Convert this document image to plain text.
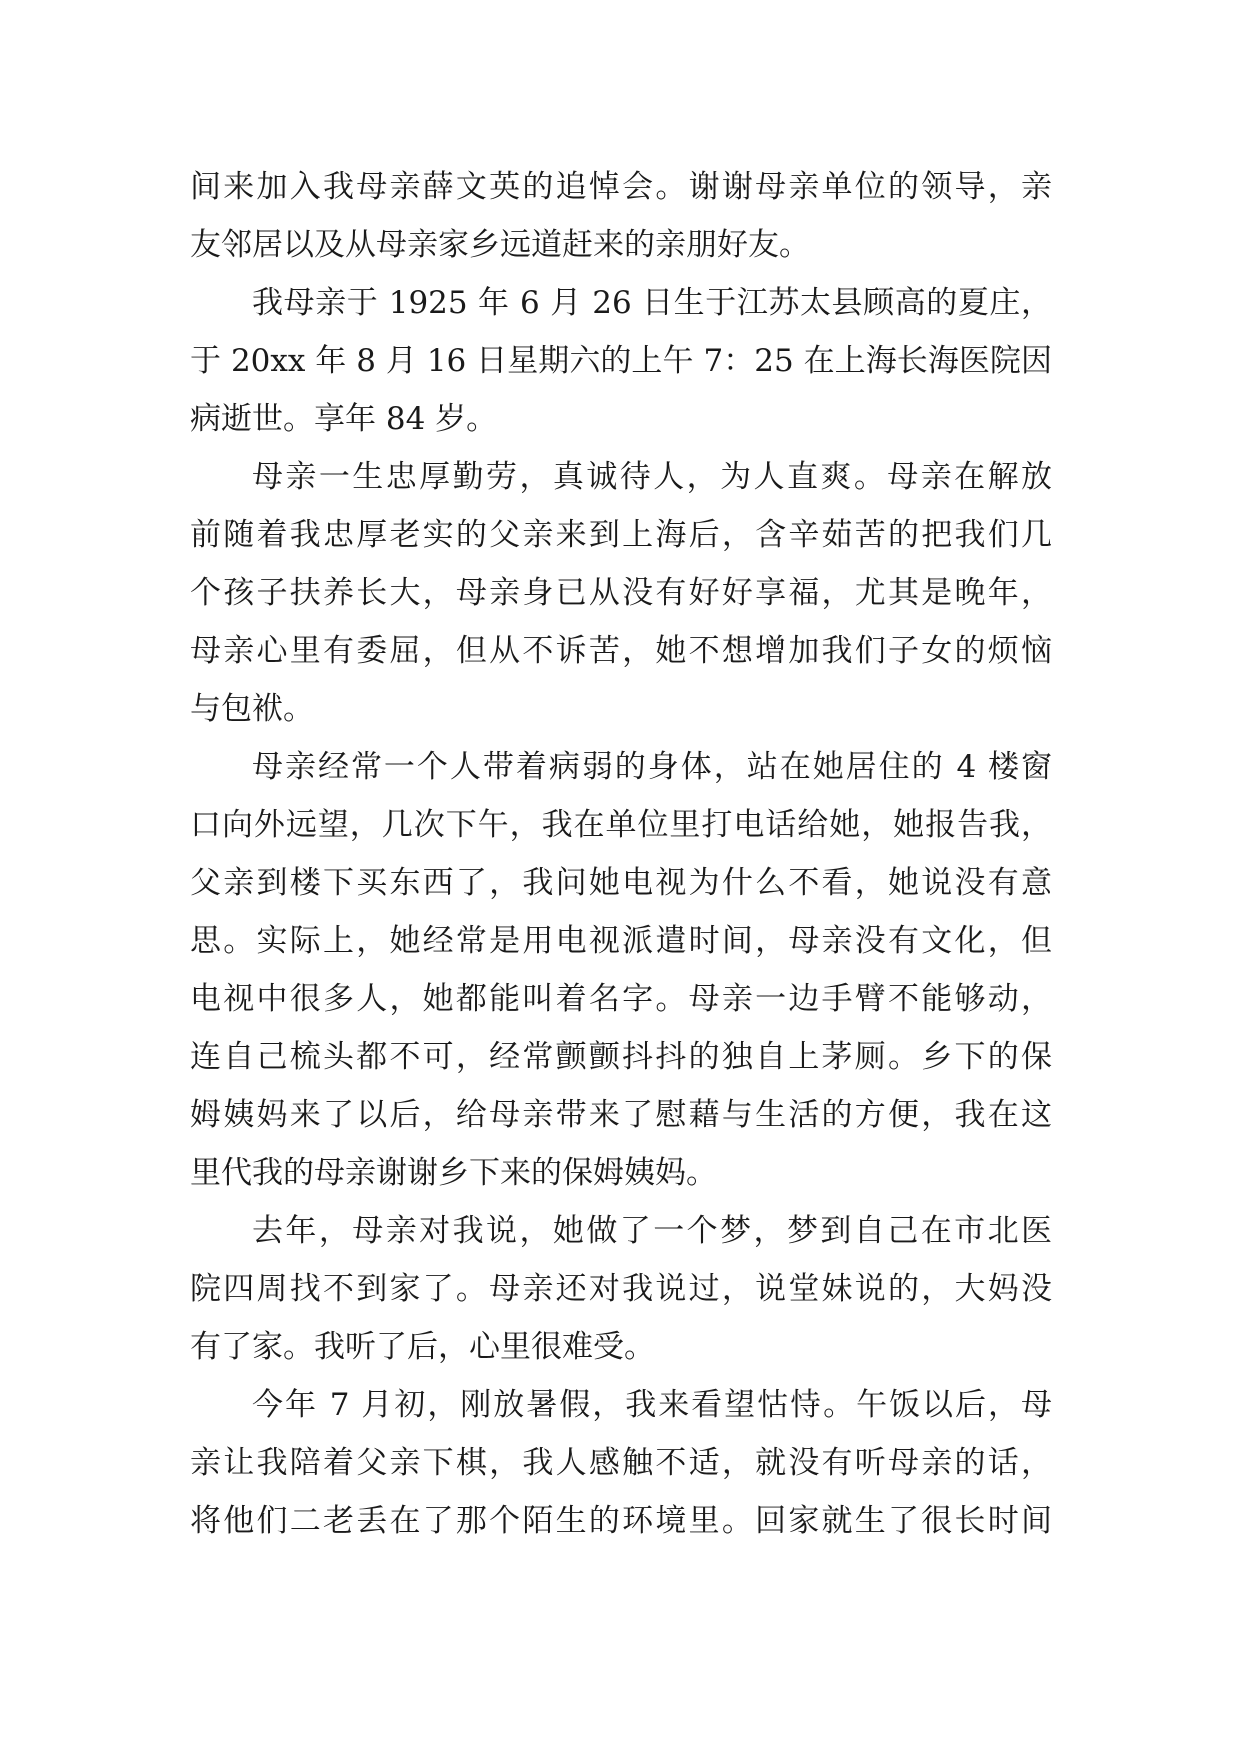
间来加入我母亲薛文英的追悼会。谢谢母亲单位的领导，亲
友邻居以及从母亲家乡远道赶来的亲朋好友。
我母亲于 1925 年 6 月 26 日生于江苏太县顾高的夏庄，
于 20xx 年 8 月 16 日星期六的上午 7：25 在上海长海医院因
病逝世。享年 84 岁。
母亲一生忠厚勤劳，真诚待人，为人直爽。母亲在解放
前随着我忠厚老实的父亲来到上海后，含辛茹苦的把我们几
个孩子扶养长大，母亲身已从没有好好享福，尤其是晚年，
母亲心里有委屈，但从不诉苦，她不想增加我们子女的烦恼
与包袱。
母亲经常一个人带着病弱的身体，站在她居住的 4 楼窗
口向外远望，几次下午，我在单位里打电话给她，她报告我，
父亲到楼下买东西了，我问她电视为什么不看，她说没有意
思。实际上，她经常是用电视派遣时间，母亲没有文化，但
电视中很多人，她都能叫着名字。母亲一边手臂不能够动，
连自己梳头都不可，经常颤颤抖抖的独自上茅厕。乡下的保
姆姨妈来了以后，给母亲带来了慰藉与生活的方便，我在这
里代我的母亲谢谢乡下来的保姆姨妈。
去年，母亲对我说，她做了一个梦，梦到自己在市北医
院四周找不到家了。母亲还对我说过，说堂妹说的，大妈没
有了家。我听了后，心里很难受。
今年 7 月初，刚放暑假，我来看望怙恃。午饭以后，母
亲让我陪着父亲下棋，我人感触不适，就没有听母亲的话，
将他们二老丢在了那个陌生的环境里。回家就生了很长时间
